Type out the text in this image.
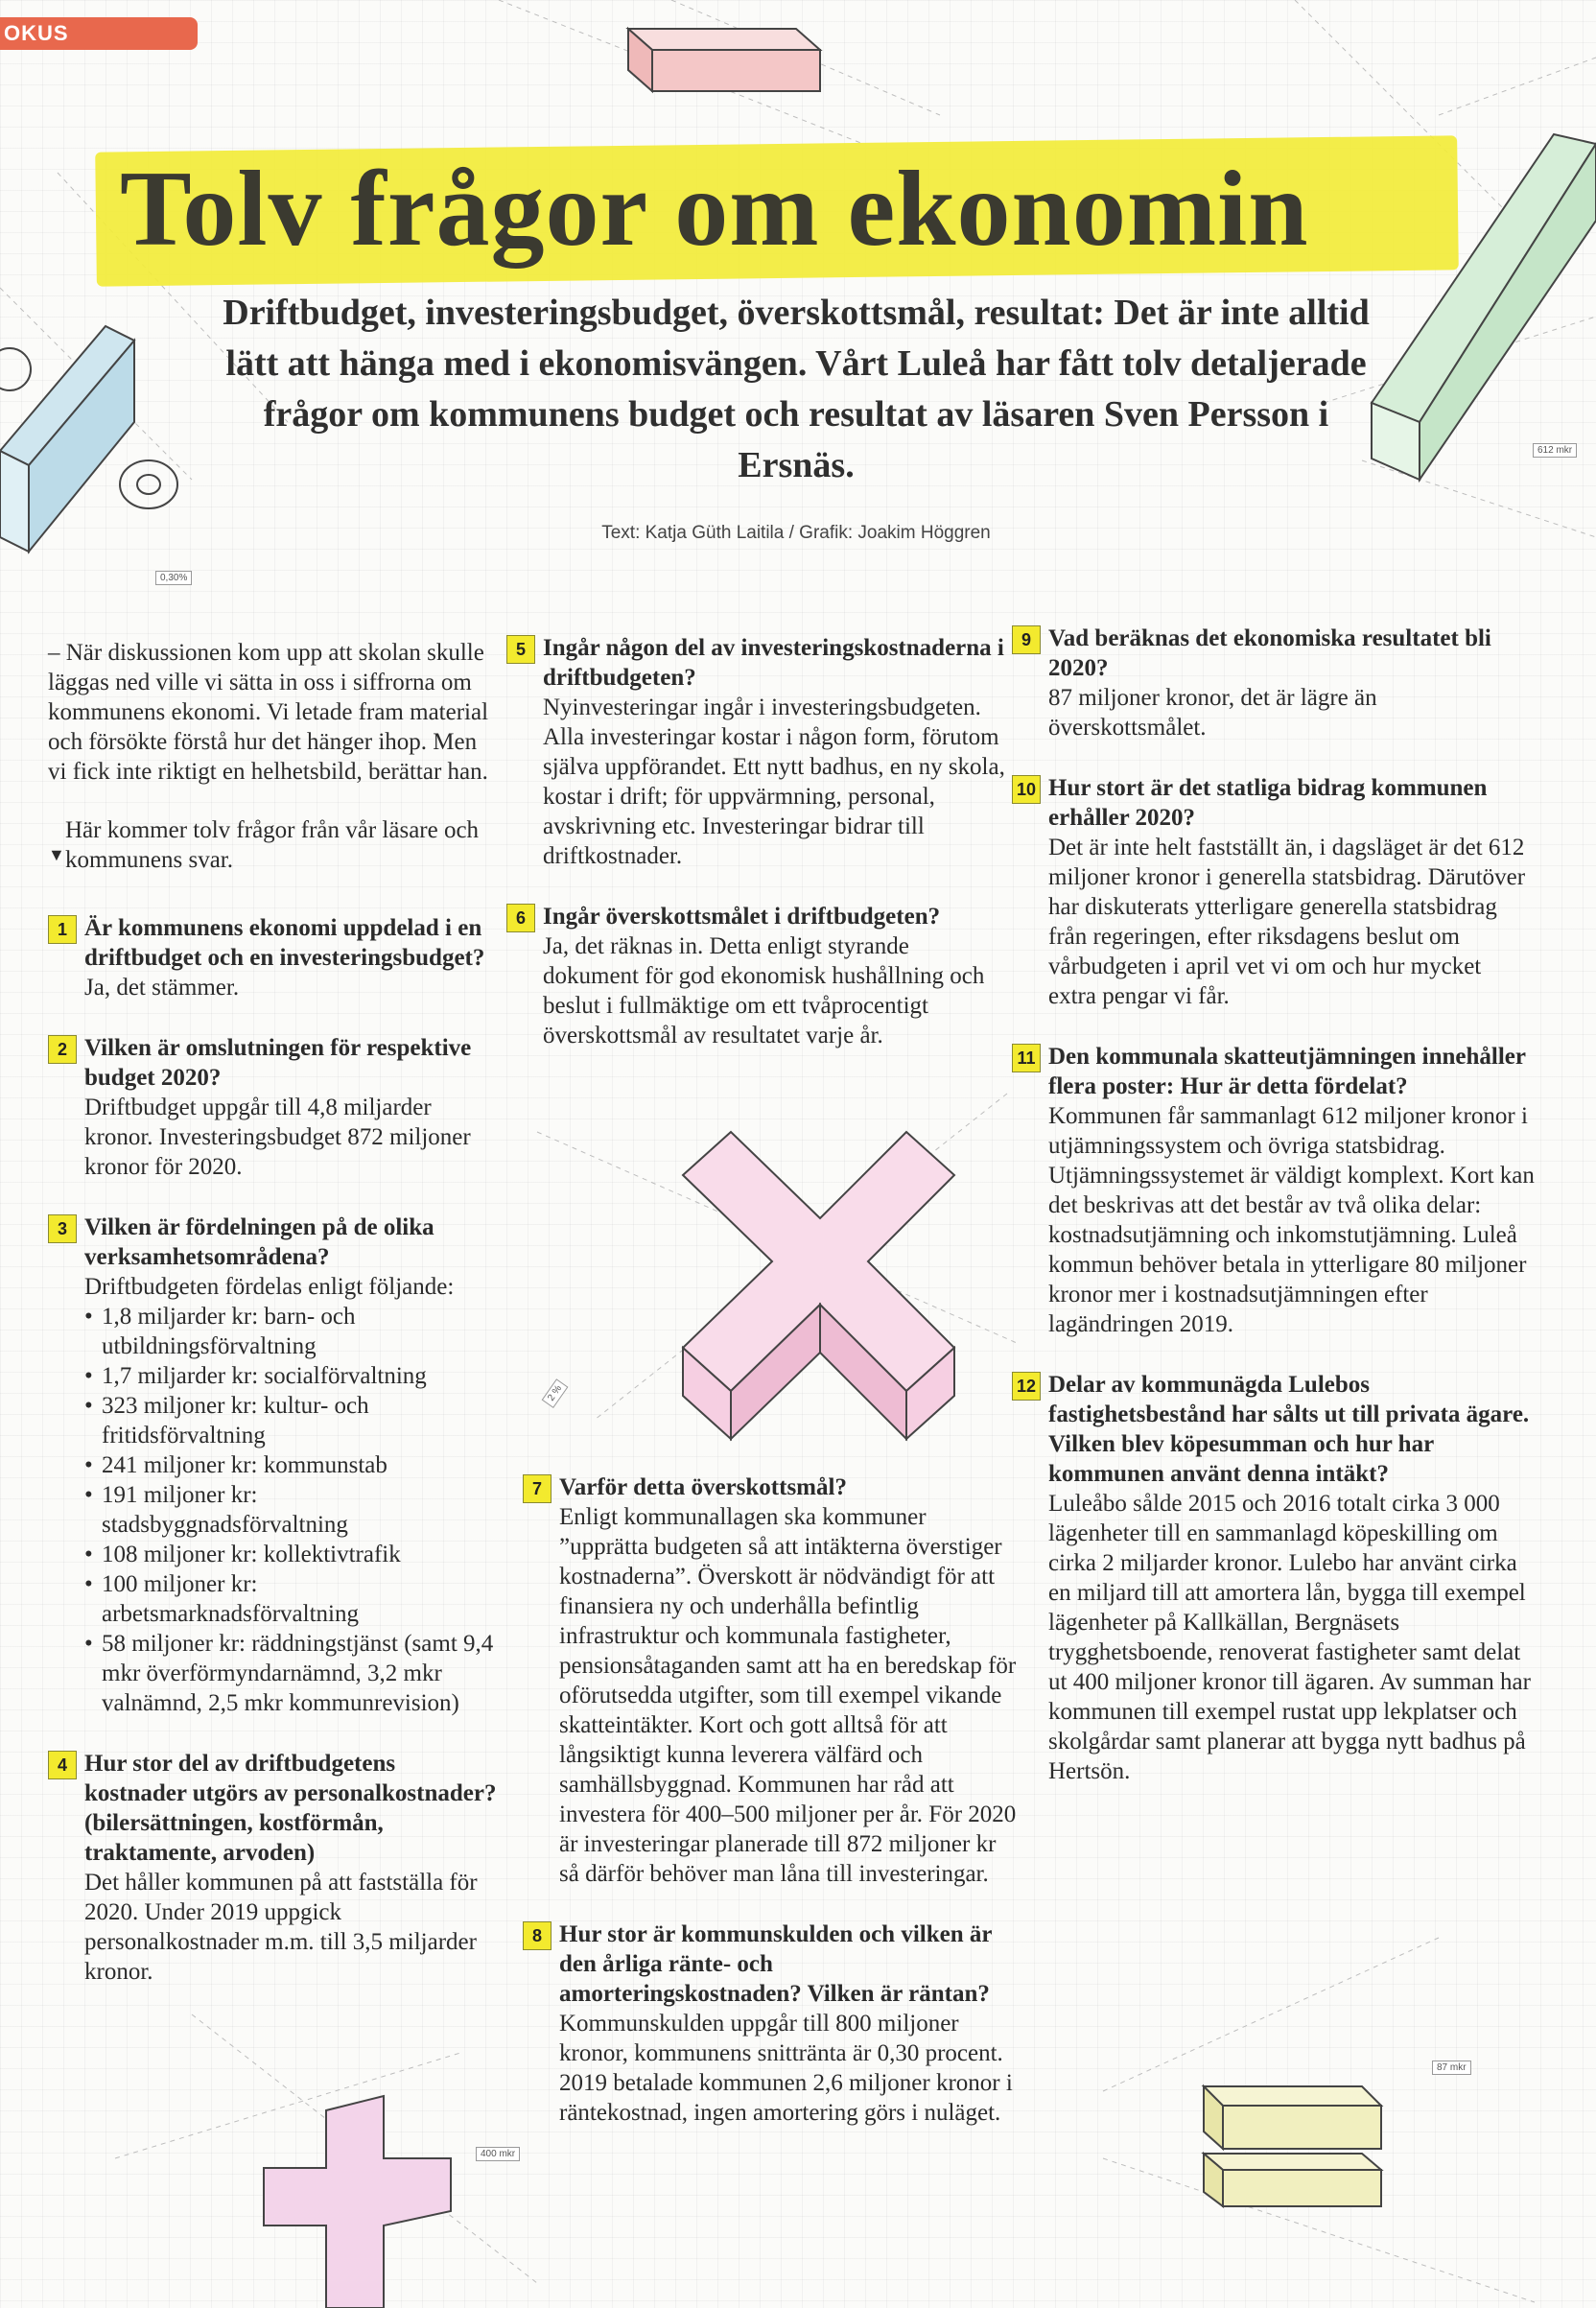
OKUS
0,30%
612 mkr
2 %
400 mkr
87 mkr
Tolv frågor om ekonomin
Driftbudget, investeringsbudget, överskottsmål, resultat: Det är inte alltid lätt att hänga med i ekonomisvängen. Vårt Luleå har fått tolv detaljerade frågor om kommunens budget och resultat av läsaren Sven Persson i Ersnäs.
Text: Katja Güth Laitila / Grafik: Joakim Höggren

– När diskussionen kom upp att skolan skulle läggas ned ville vi sätta in oss i siffrorna om kommunens ekonomi. Vi letade fram material och försökte förstå hur det hänger ihop. Men vi fick inte riktigt en helhetsbild, berättar han.

▼
Här kommer tolv frågor från vår läsare och kommunens svar.

1 Är kommunens ekonomi uppdelad i en driftbudget och en investeringsbudget?
Ja, det stämmer.
2 Vilken är omslutningen för respektive budget 2020?
Driftbudget uppgår till 4,8 miljarder kronor. Investeringsbudget 872 miljoner kronor för 2020.
3 Vilken är fördelningen på de olika verksamhetsområdena?
Driftbudgeten fördelas enligt följande:
• 1,8 miljarder kr: barn- och utbildningsförvaltning
• 1,7 miljarder kr: socialförvaltning
• 323 miljoner kr: kultur- och fritidsförvaltning
• 241 miljoner kr: kommunstab
• 191 miljoner kr: stadsbyggnadsförvaltning
• 108 miljoner kr: kollektivtrafik
• 100 miljoner kr: arbetsmarknadsförvaltning
• 58 miljoner kr: räddningstjänst (samt 9,4 mkr överförmyndarnämnd, 3,2 mkr valnämnd, 2,5 mkr kommunrevision)
4 Hur stor del av driftbudgetens kostnader utgörs av personalkostnader? (bilersättningen, kostförmån, traktamente, arvoden)
Det håller kommunen på att fastställa för 2020. Under 2019 uppgick personalkostnader m.m. till 3,5 miljarder kronor.
5 Ingår någon del av investeringskostnaderna i driftbudgeten?
Nyinvesteringar ingår i investeringsbudgeten. Alla investeringar kostar i någon form, förutom själva uppförandet. Ett nytt badhus, en ny skola, kostar i drift; för uppvärmning, personal, avskrivning etc. Investeringar bidrar till driftkostnader.
6 Ingår överskottsmålet i driftbudgeten?
Ja, det räknas in. Detta enligt styrande dokument för god ekonomisk hushållning och beslut i fullmäktige om ett tvåprocentigt överskottsmål av resultatet varje år.
7 Varför detta överskottsmål?
Enligt kommunallagen ska kommuner ”upprätta budgeten så att intäkterna överstiger kostnaderna”. Överskott är nödvändigt för att finansiera ny och underhålla befintlig infrastruktur och kommunala fastigheter, pensionsåtaganden samt att ha en beredskap för oförutsedda utgifter, som till exempel vikande skatteintäkter. Kort och gott alltså för att långsiktigt kunna leverera välfärd och samhällsbyggnad. Kommunen har råd att investera för 400–500 miljoner per år. För 2020 är investeringar planerade till 872 miljoner kr så därför behöver man låna till investeringar.
8 Hur stor är kommunskulden och vilken är den årliga ränte- och amorteringskostnaden? Vilken är räntan?
Kommunskulden uppgår till 800 miljoner kronor, kommunens snittränta är 0,30 procent. 2019 betalade kommunen 2,6 miljoner kronor i räntekostnad, ingen amortering görs i nuläget.
9 Vad beräknas det ekonomiska resultatet bli 2020?
87 miljoner kronor, det är lägre än överskottsmålet.
10 Hur stort är det statliga bidrag kommunen erhåller 2020?
Det är inte helt fastställt än, i dagsläget är det 612 miljoner kronor i generella statsbidrag. Därutöver har diskuterats ytterligare generella statsbidrag från regeringen, efter riksdagens beslut om vårbudgeten i april vet vi om och hur mycket extra pengar vi får.
11 Den kommunala skatteutjämningen innehåller flera poster: Hur är detta fördelat?
Kommunen får sammanlagt 612 miljoner kronor i utjämningssystem och övriga statsbidrag. Utjämningssystemet är väldigt komplext. Kort kan det beskrivas att det består av två olika delar: kostnadsutjämning och inkomstutjämning. Luleå kommun behöver betala in ytterligare 80 miljoner kronor mer i kostnadsutjämningen efter lagändringen 2019.
12 Delar av kommunägda Lulebos fastighetsbestånd har sålts ut till privata ägare. Vilken blev köpesumman och hur har kommunen använt denna intäkt?
Luleåbo sålde 2015 och 2016 totalt cirka 3 000 lägenheter till en sammanlagd köpeskilling om cirka 2 miljarder kronor. Lulebo har använt cirka en miljard till att amortera lån, bygga till exempel lägenheter på Kallkällan, Bergnäsets trygghetsboende, renoverat fastigheter samt delat ut 400 miljoner kronor till ägaren. Av summan har kommunen till exempel rustat upp lekplatser och skolgårdar samt planerar att bygga nytt badhus på Hertsön.
